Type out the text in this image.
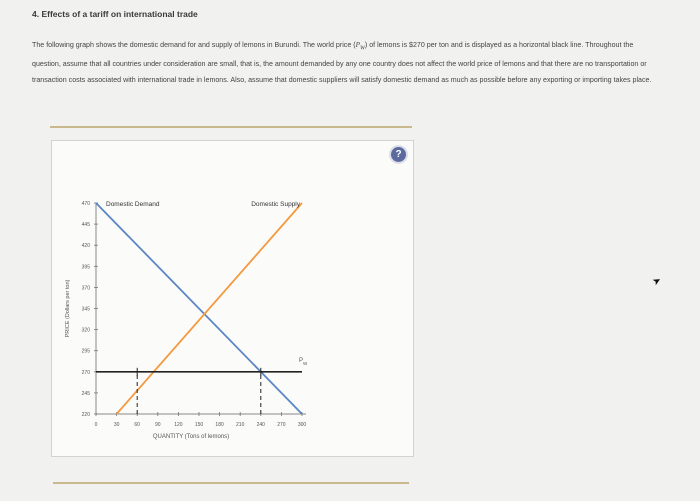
4. Effects of a tariff on international trade
The following graph shows the domestic demand for and supply of lemons in Burundi. The world price $(P_W)$ of lemons is $270 per ton and is displayed as a horizontal black line. Throughout the question, assume that all countries under consideration are small, that is, the amount demanded by any one country does not affect the world price of lemons and that there are no transportation or transaction costs associated with international trade in lemons. Also, assume that domestic suppliers will satisfy domestic demand as much as possible before any exporting or importing takes place.
220
245
270
295
320
345
370
395
420
445
470
0	30	60	90	120 150 180 210 240 270 300
QUANTITY (Tons of lemons)
PRICE (Dollars per ton)
Domestic Demand	Domestic Supply
P W
?
➤
